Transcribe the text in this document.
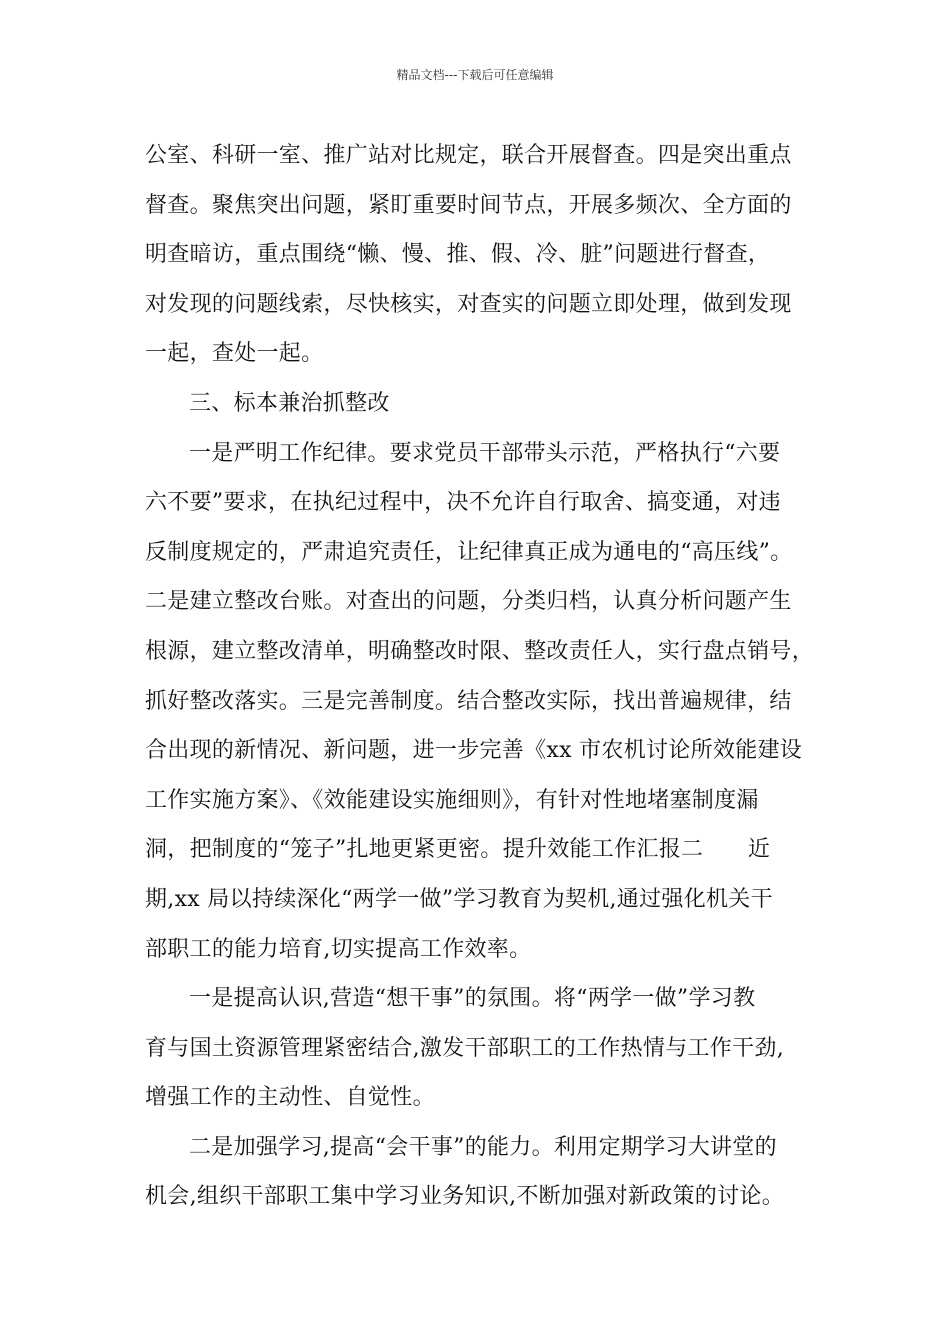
精品文档---下载后可任意编辑
公室、科研一室、推广站对比规定，联合开展督查。四是突出重点
督查。聚焦突出问题，紧盯重要时间节点，开展多频次、全方面的
明查暗访，重点围绕“懒、慢、推、假、冷、脏”问题进行督查，
对发现的问题线索，尽快核实，对查实的问题立即处理，做到发现
一起，查处一起。
三、标本兼治抓整改
一是严明工作纪律。要求党员干部带头示范，严格执行“六要
六不要”要求，在执纪过程中，决不允许自行取舍、搞变通，对违
反制度规定的，严肃追究责任，让纪律真正成为通电的“高压线”。
二是建立整改台账。对查出的问题，分类归档，认真分析问题产生
根源，建立整改清单，明确整改时限、整改责任人，实行盘点销号，
抓好整改落实。三是完善制度。结合整改实际，找出普遍规律，结
合出现的新情况、新问题，进一步完善《xx 市农机讨论所效能建设
工作实施方案》、《效能建设实施细则》，有针对性地堵塞制度漏
洞，把制度的“笼子”扎地更紧更密。提升效能工作汇报二　　近
期,xx 局以持续深化“两学一做”学习教育为契机,通过强化机关干
部职工的能力培育,切实提高工作效率。
一是提高认识,营造“想干事”的氛围。将“两学一做”学习教
育与国土资源管理紧密结合,激发干部职工的工作热情与工作干劲,
增强工作的主动性、自觉性。
二是加强学习,提高“会干事”的能力。利用定期学习大讲堂的
机会,组织干部职工集中学习业务知识,不断加强对新政策的讨论。
